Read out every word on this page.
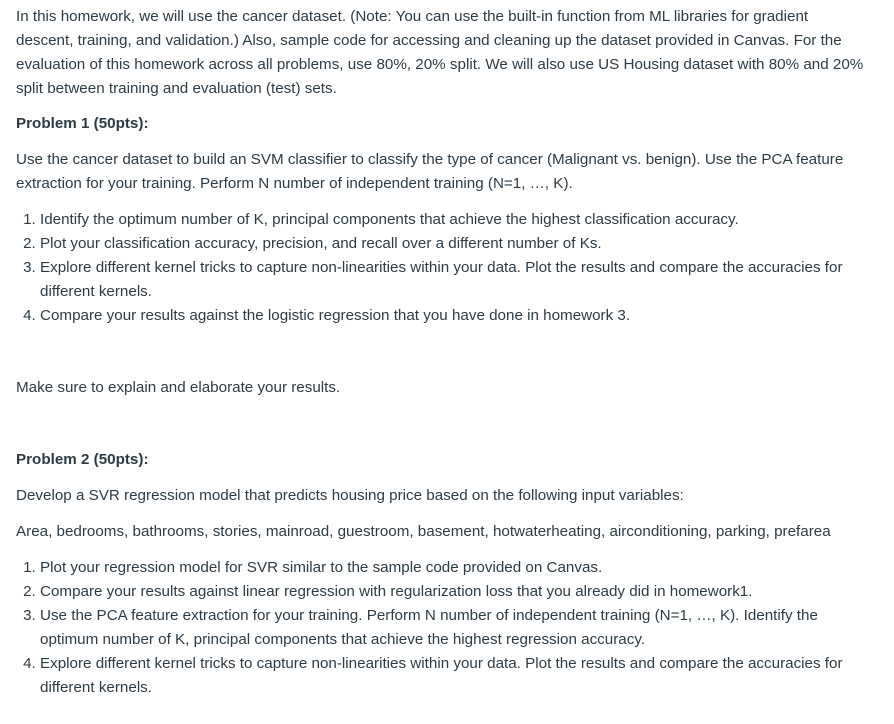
In this homework, we will use the cancer dataset. (Note: You can use the built-in function from ML libraries for gradient descent, training, and validation.) Also, sample code for accessing and cleaning up the dataset provided in Canvas. For the evaluation of this homework across all problems, use 80%, 20% split. We will also use US Housing dataset with 80% and 20% split between training and evaluation (test) sets.

Problem 1 (50pts):

Use the cancer dataset to build an SVM classifier to classify the type of cancer (Malignant vs. benign). Use the PCA feature extraction for your training. Perform N number of independent training (N=1, …, K).

1. Identify the optimum number of K, principal components that achieve the highest classification accuracy.
2. Plot your classification accuracy, precision, and recall over a different number of Ks.
3. Explore different kernel tricks to capture non-linearities within your data. Plot the results and compare the accuracies for different kernels.
4. Compare your results against the logistic regression that you have done in homework 3.

Make sure to explain and elaborate your results.

Problem 2 (50pts):

Develop a SVR regression model that predicts housing price based on the following input variables:

Area, bedrooms, bathrooms, stories, mainroad, guestroom, basement, hotwaterheating, airconditioning, parking, prefarea

1. Plot your regression model for SVR similar to the sample code provided on Canvas.
2. Compare your results against linear regression with regularization loss that you already did in homework1.
3. Use the PCA feature extraction for your training. Perform N number of independent training (N=1, …, K). Identify the optimum number of K, principal components that achieve the highest regression accuracy.
4. Explore different kernel tricks to capture non-linearities within your data. Plot the results and compare the accuracies for different kernels.
